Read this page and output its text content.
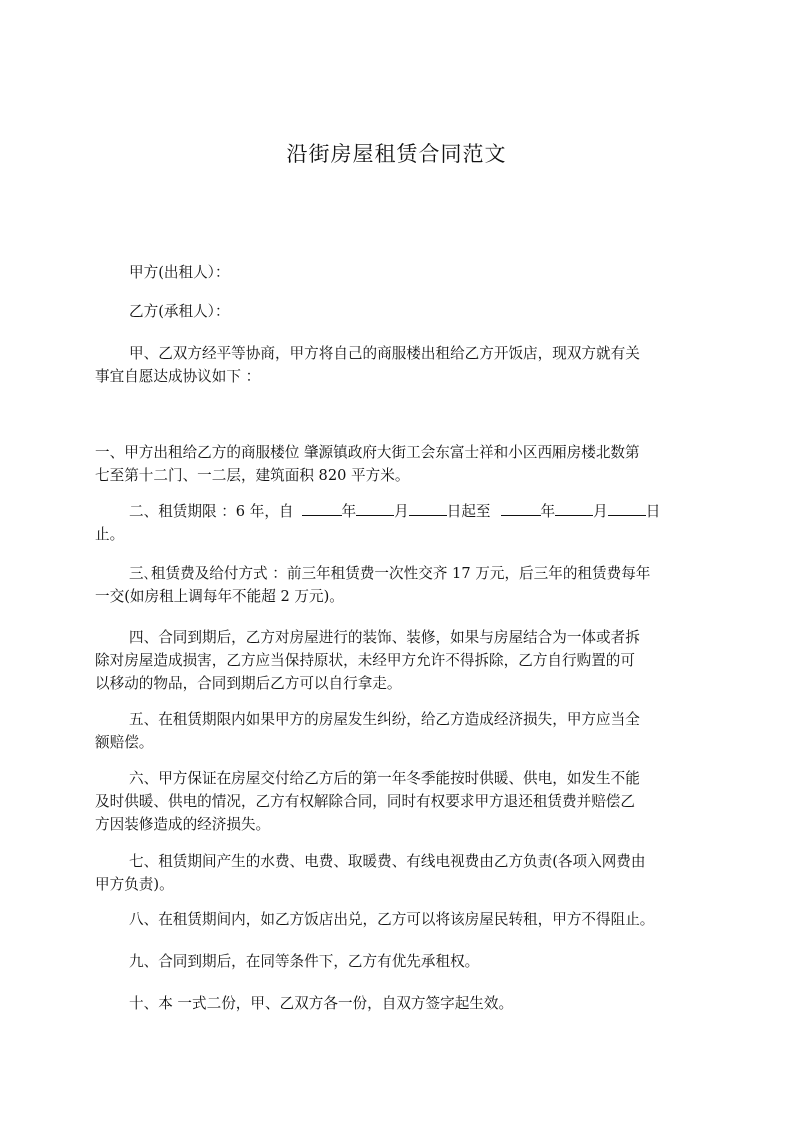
沿街房屋租赁合同范文

甲方(出租人）：

乙方(承租人）：

甲、乙双方经平等协商，甲方将自己的商服楼出租给乙方开饭店，现双方就有关
事宜自愿达成协议如下 ：

一、甲方出租给乙方的商服楼位 肇源镇政府大街工会东富士祥和小区西厢房楼北数第
七至第十二门、一二层，建筑面积 820 平方米。

二、租赁期限 ：6 年，自	年	月	日起至	年	月	日
止。

三､租赁费及给付方式 ：前三年租赁费一次性交齐 17 万元，后三年的租赁费每年
一交(如房租上调每年不能超 2 万元)。

四、合同到期后，乙方对房屋进行的装饰、装修，如果与房屋结合为一体或者拆
除对房屋造成损害，乙方应当保持原状，未经甲方允许不得拆除，乙方自行购置的可
以移动的物品，合同到期后乙方可以自行拿走。

五、在租赁期限内如果甲方的房屋发生纠纷，给乙方造成经济损失，甲方应当全
额赔偿。

六、甲方保证在房屋交付给乙方后的第一年冬季能按时供暖、供电，如发生不能
及时供暖、供电的情况，乙方有权解除合同，同时有权要求甲方退还租赁费并赔偿乙
方因装修造成的经济损失。

七、租赁期间产生的水费、电费、取暖费、有线电视费由乙方负责(各项入网费由
甲方负责)。

八、在租赁期间内，如乙方饭店出兑，乙方可以将该房屋民转租，甲方不得阻止。

九、合同到期后，在同等条件下，乙方有优先承租权。

十、本 一式二份，甲、乙双方各一份，自双方签字起生效。
